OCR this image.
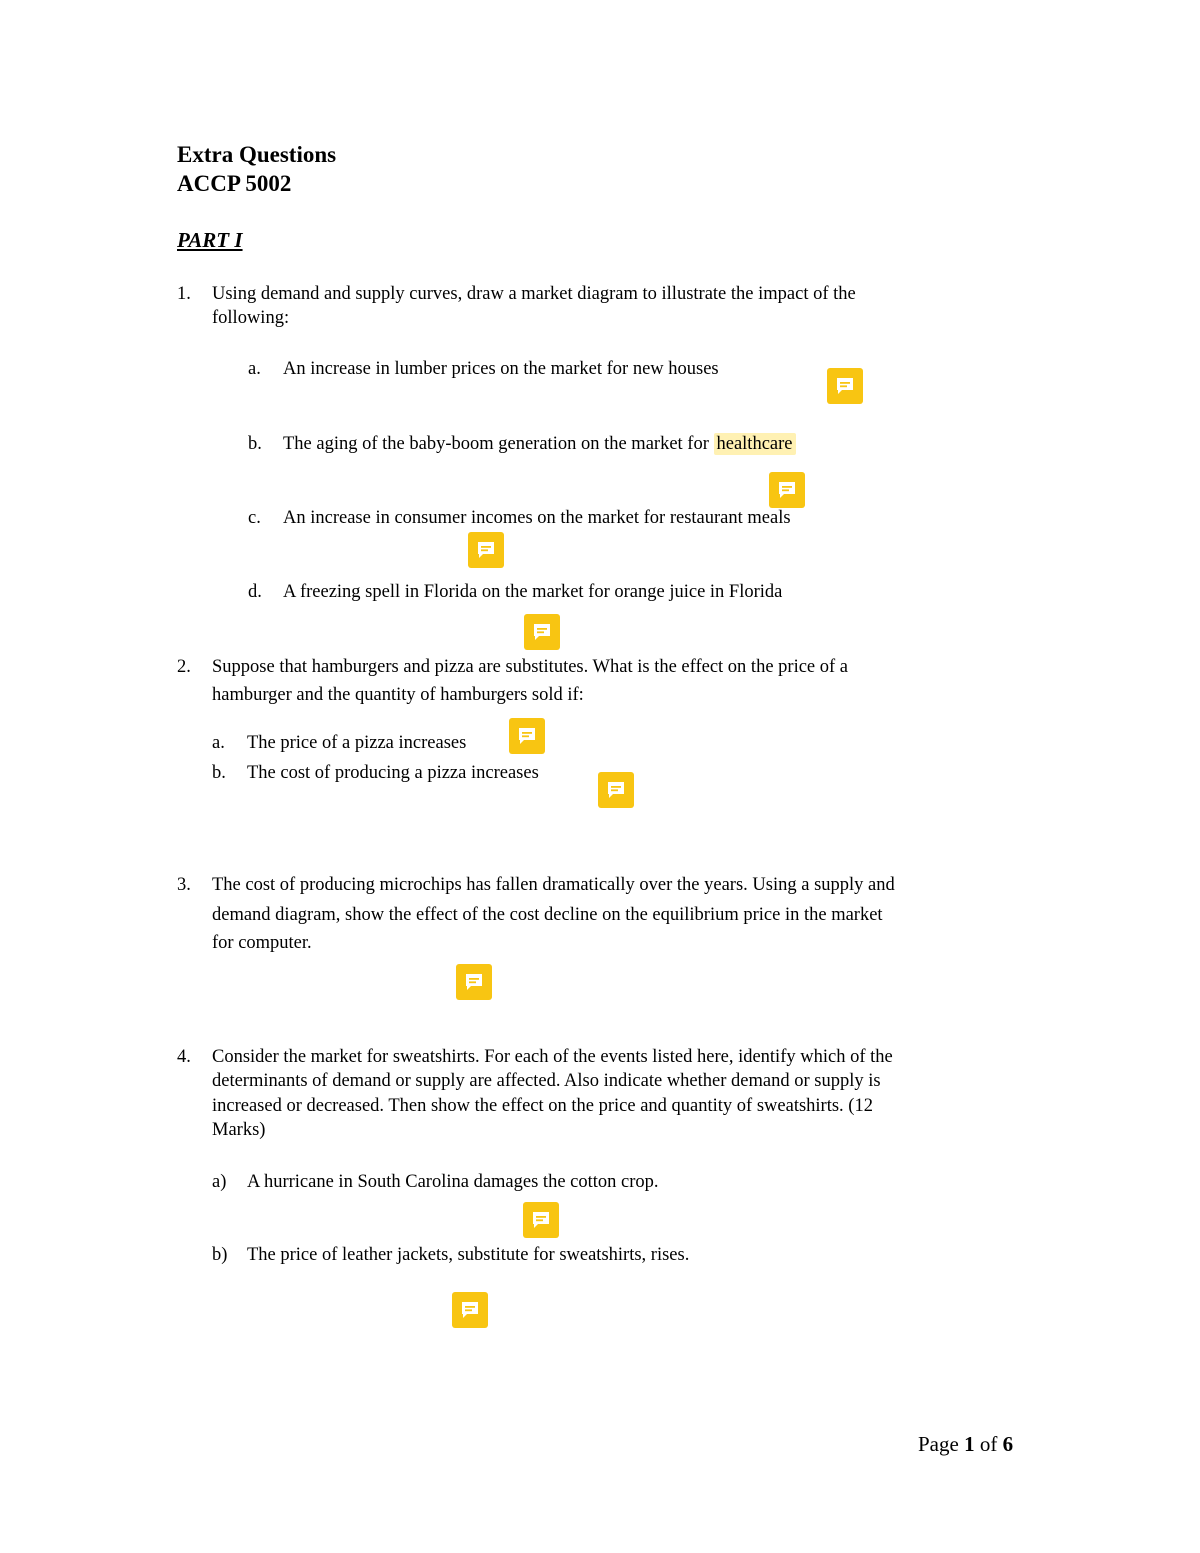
Extra Questions
ACCP 5002
PART I
1. Using demand and supply curves, draw a market diagram to illustrate the impact of the
following:
a. An increase in lumber prices on the market for new houses
b. The aging of the baby-boom generation on the market for healthcare
c. An increase in consumer incomes on the market for restaurant meals
d. A freezing spell in Florida on the market for orange juice in Florida
2. Suppose that hamburgers and pizza are substitutes. What is the effect on the price of a
hamburger and the quantity of hamburgers sold if:
a. The price of a pizza increases
b. The cost of producing a pizza increases
3. The cost of producing microchips has fallen dramatically over the years. Using a supply and
demand diagram, show the effect of the cost decline on the equilibrium price in the market
for computer.
4. Consider the market for sweatshirts. For each of the events listed here, identify which of the
determinants of demand or supply are affected. Also indicate whether demand or supply is
increased or decreased. Then show the effect on the price and quantity of sweatshirts. (12
Marks)
a) A hurricane in South Carolina damages the cotton crop.
b) The price of leather jackets, substitute for sweatshirts, rises.
Page 1 of 6
